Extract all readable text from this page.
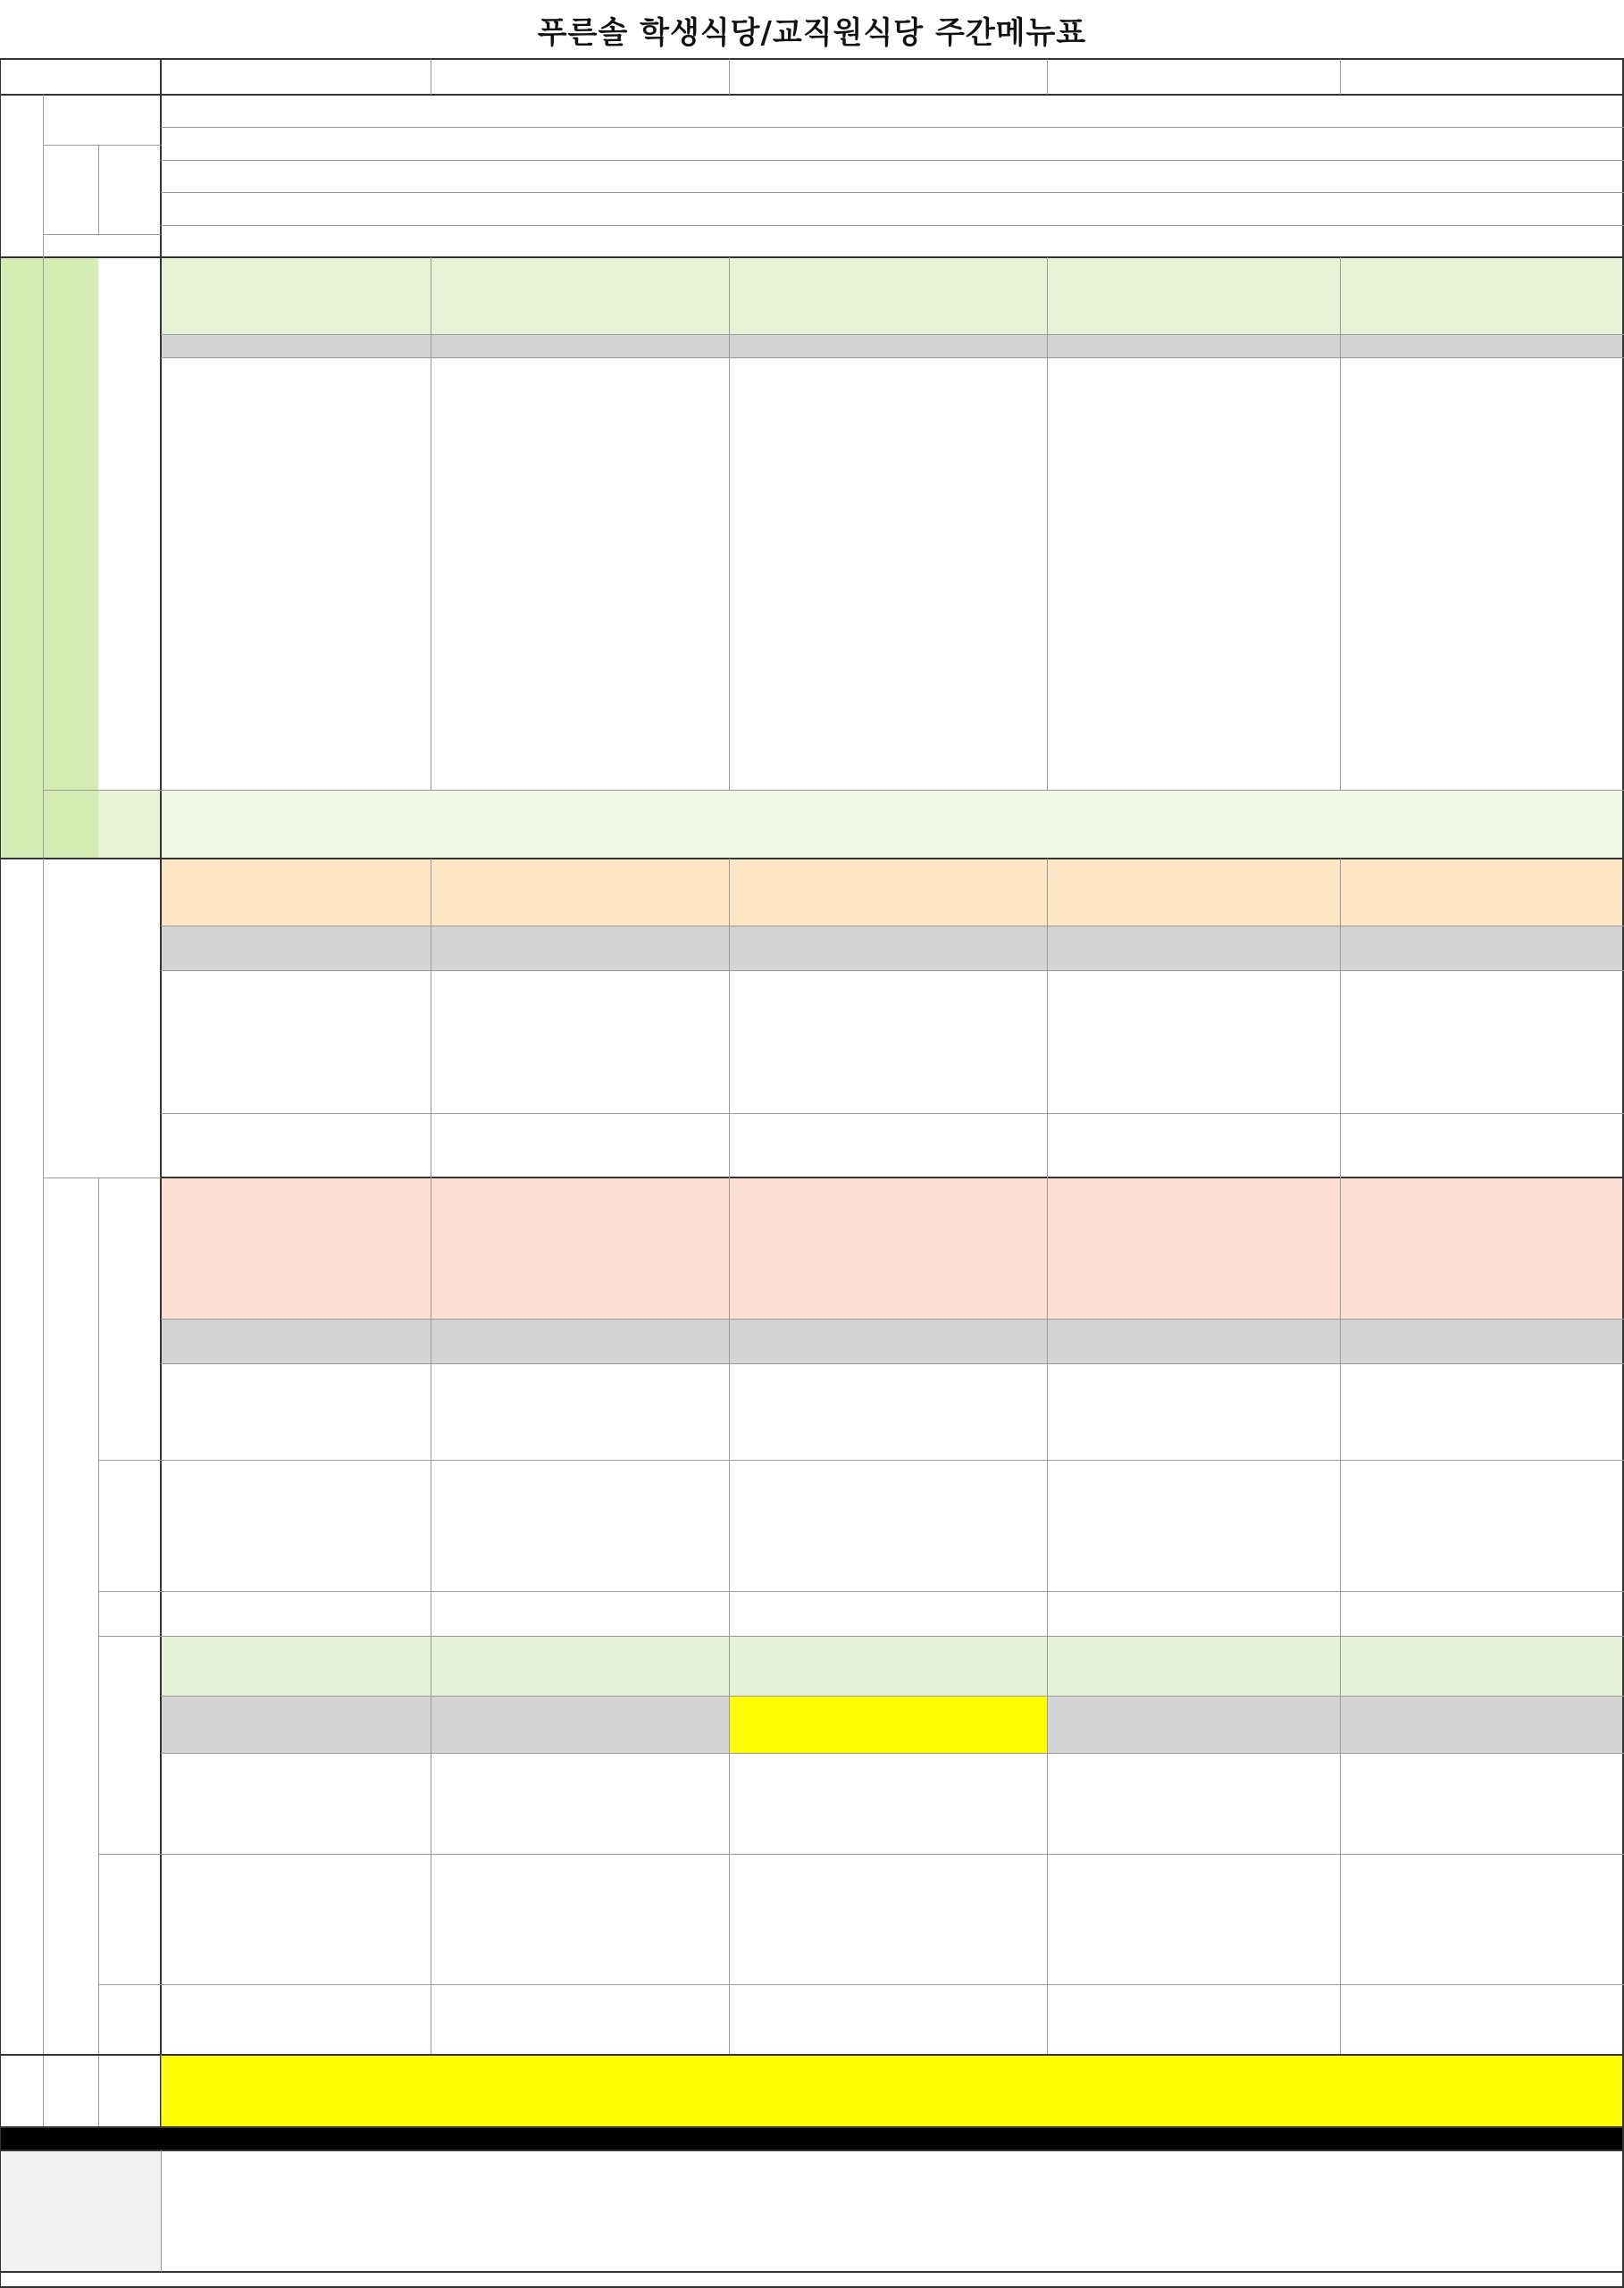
푸른솔 학생식당/교직원식당 주간메뉴표
